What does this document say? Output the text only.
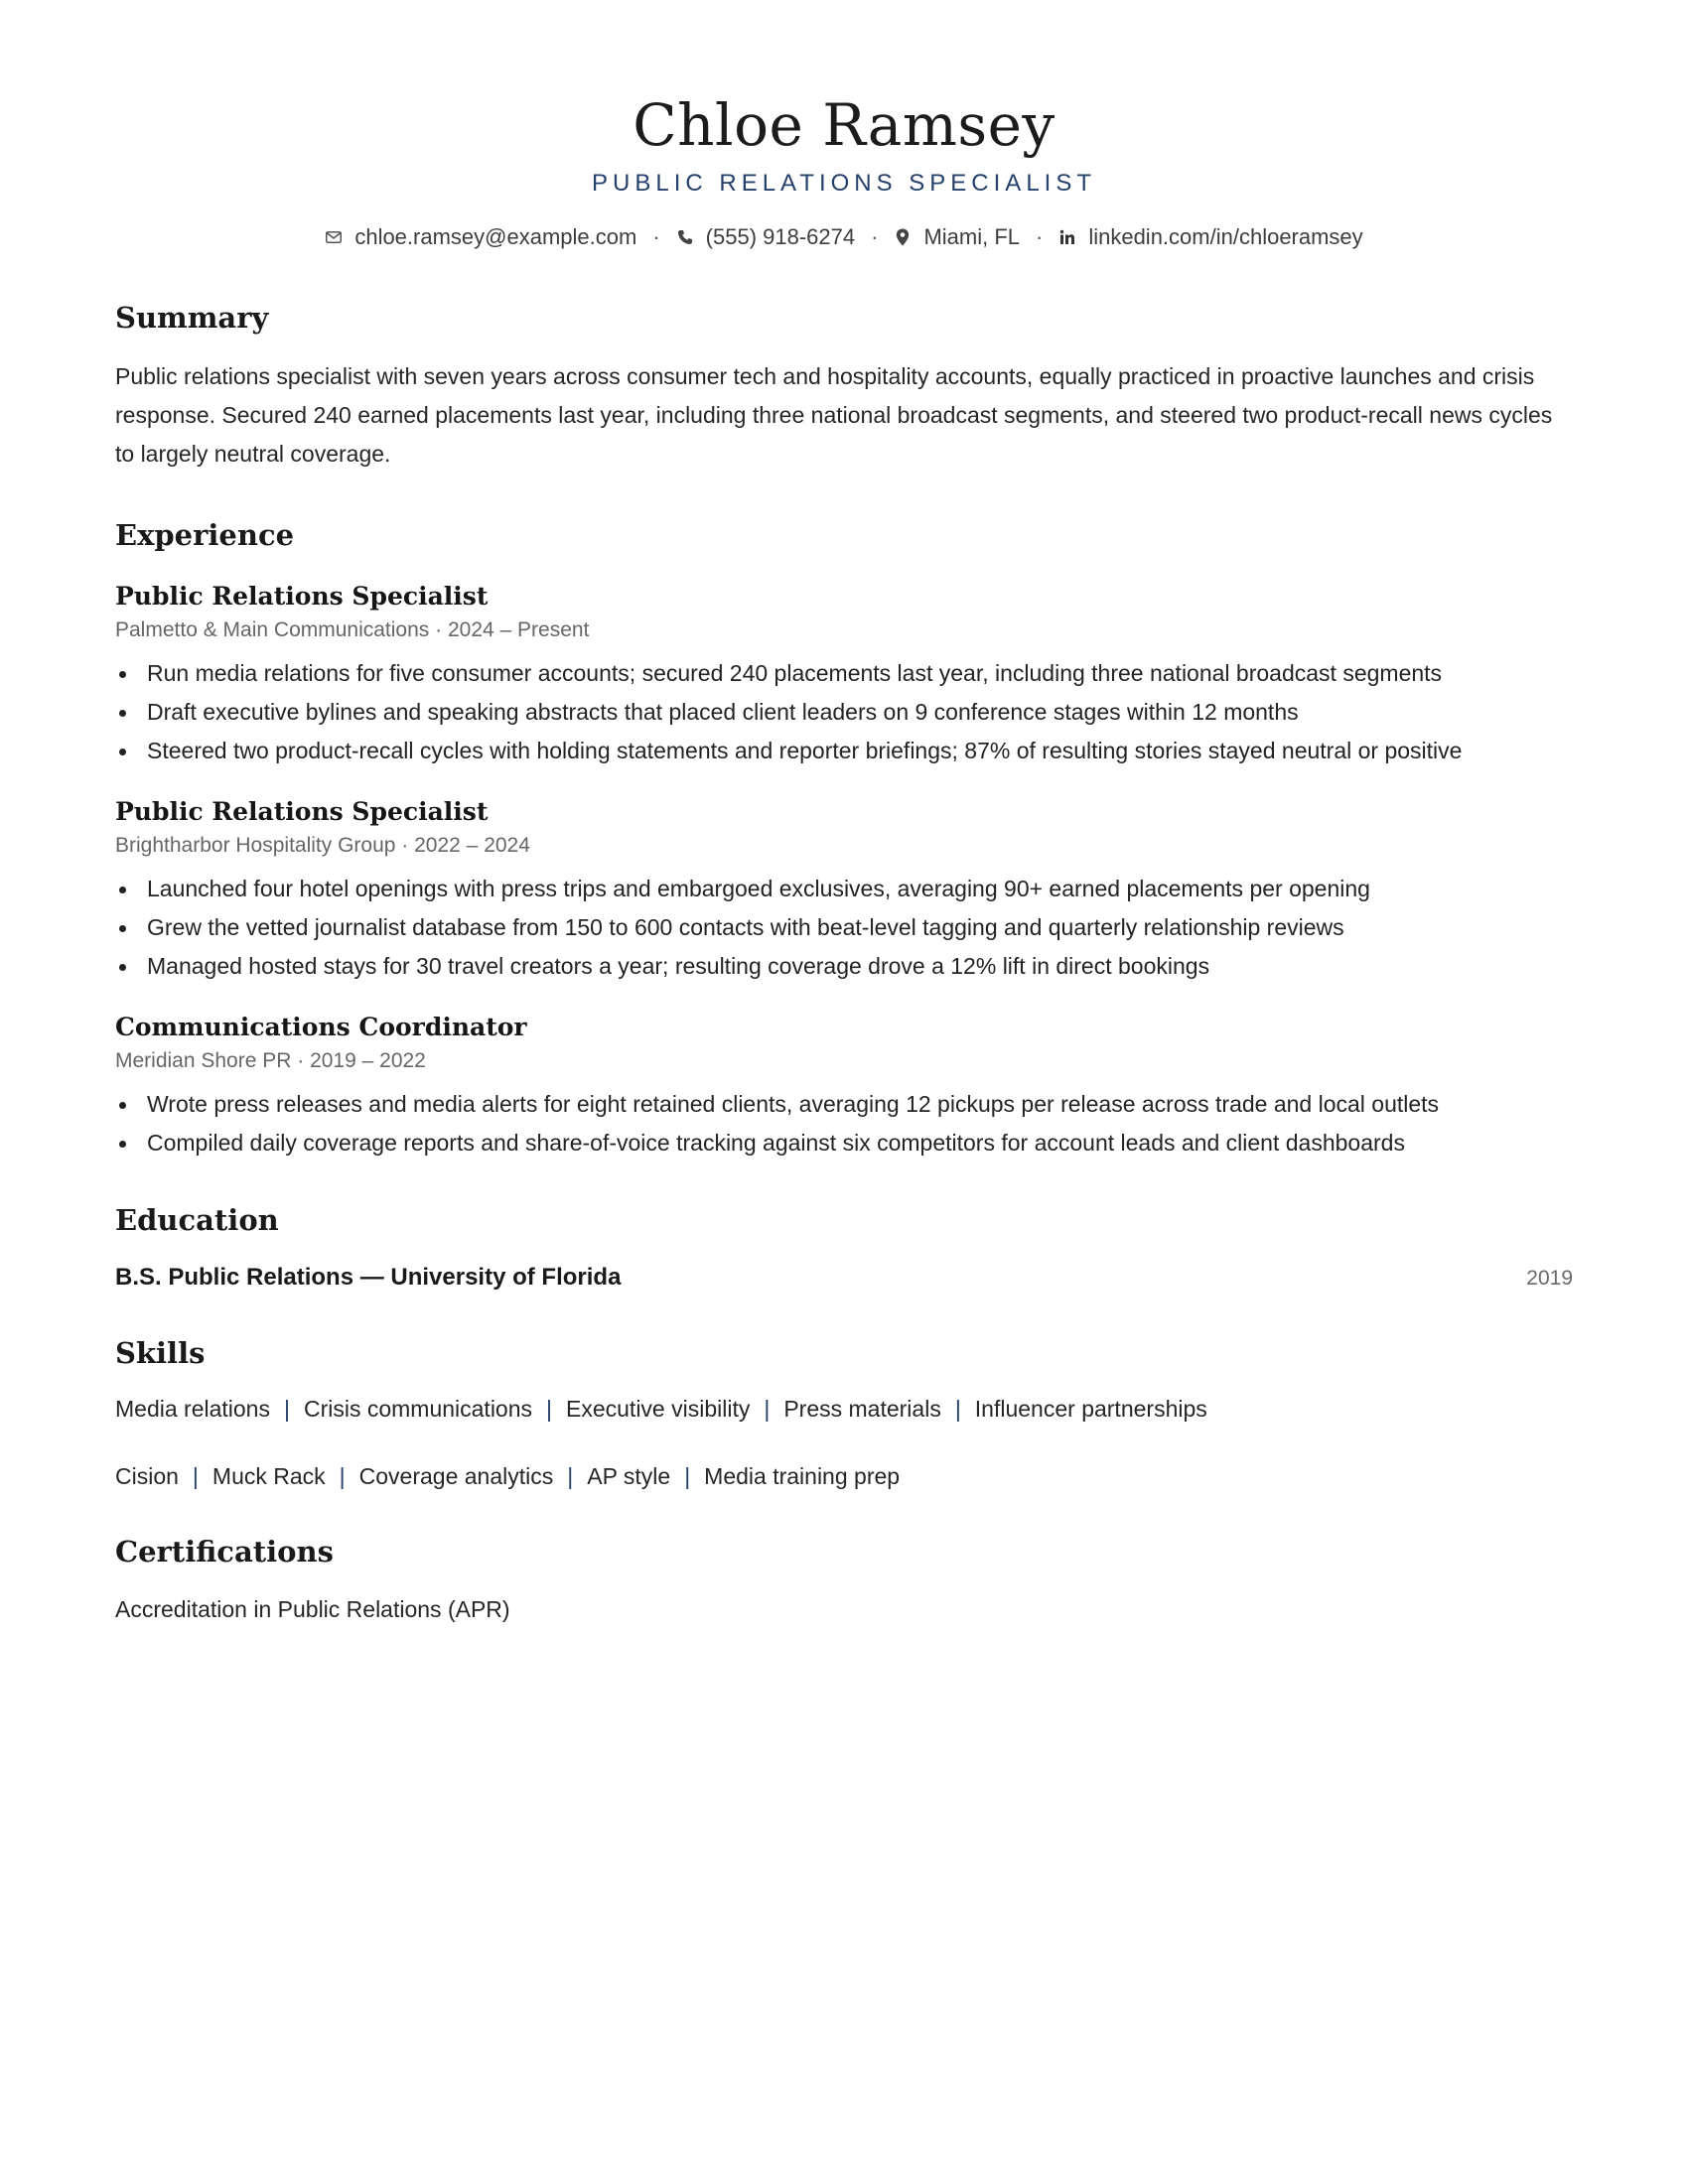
Chloe Ramsey
PUBLIC RELATIONS SPECIALIST
chloe.ramsey@example.com · (555) 918-6274 · Miami, FL · linkedin.com/in/chloeramsey
Summary

Public relations specialist with seven years across consumer tech and hospitality accounts, equally practiced in proactive launches and crisis response. Secured 240 earned placements last year, including three national broadcast segments, and steered two product-recall news cycles to largely neutral coverage.

Experience
Public Relations Specialist
Palmetto & Main Communications · 2024 – Present
Run media relations for five consumer accounts; secured 240 placements last year, including three national broadcast segments
Draft executive bylines and speaking abstracts that placed client leaders on 9 conference stages within 12 months
Steered two product-recall cycles with holding statements and reporter briefings; 87% of resulting stories stayed neutral or positive
Public Relations Specialist
Brightharbor Hospitality Group · 2022 – 2024
Launched four hotel openings with press trips and embargoed exclusives, averaging 90+ earned placements per opening
Grew the vetted journalist database from 150 to 600 contacts with beat-level tagging and quarterly relationship reviews
Managed hosted stays for 30 travel creators a year; resulting coverage drove a 12% lift in direct bookings
Communications Coordinator
Meridian Shore PR · 2019 – 2022
Wrote press releases and media alerts for eight retained clients, averaging 12 pickups per release across trade and local outlets
Compiled daily coverage reports and share-of-voice tracking against six competitors for account leads and client dashboards
Education
B.S. Public Relations — University of Florida	2019
Skills
Media relations | Crisis communications | Executive visibility | Press materials | Influencer partnerships
Cision | Muck Rack | Coverage analytics | AP style | Media training prep
Certifications
Accreditation in Public Relations (APR)
